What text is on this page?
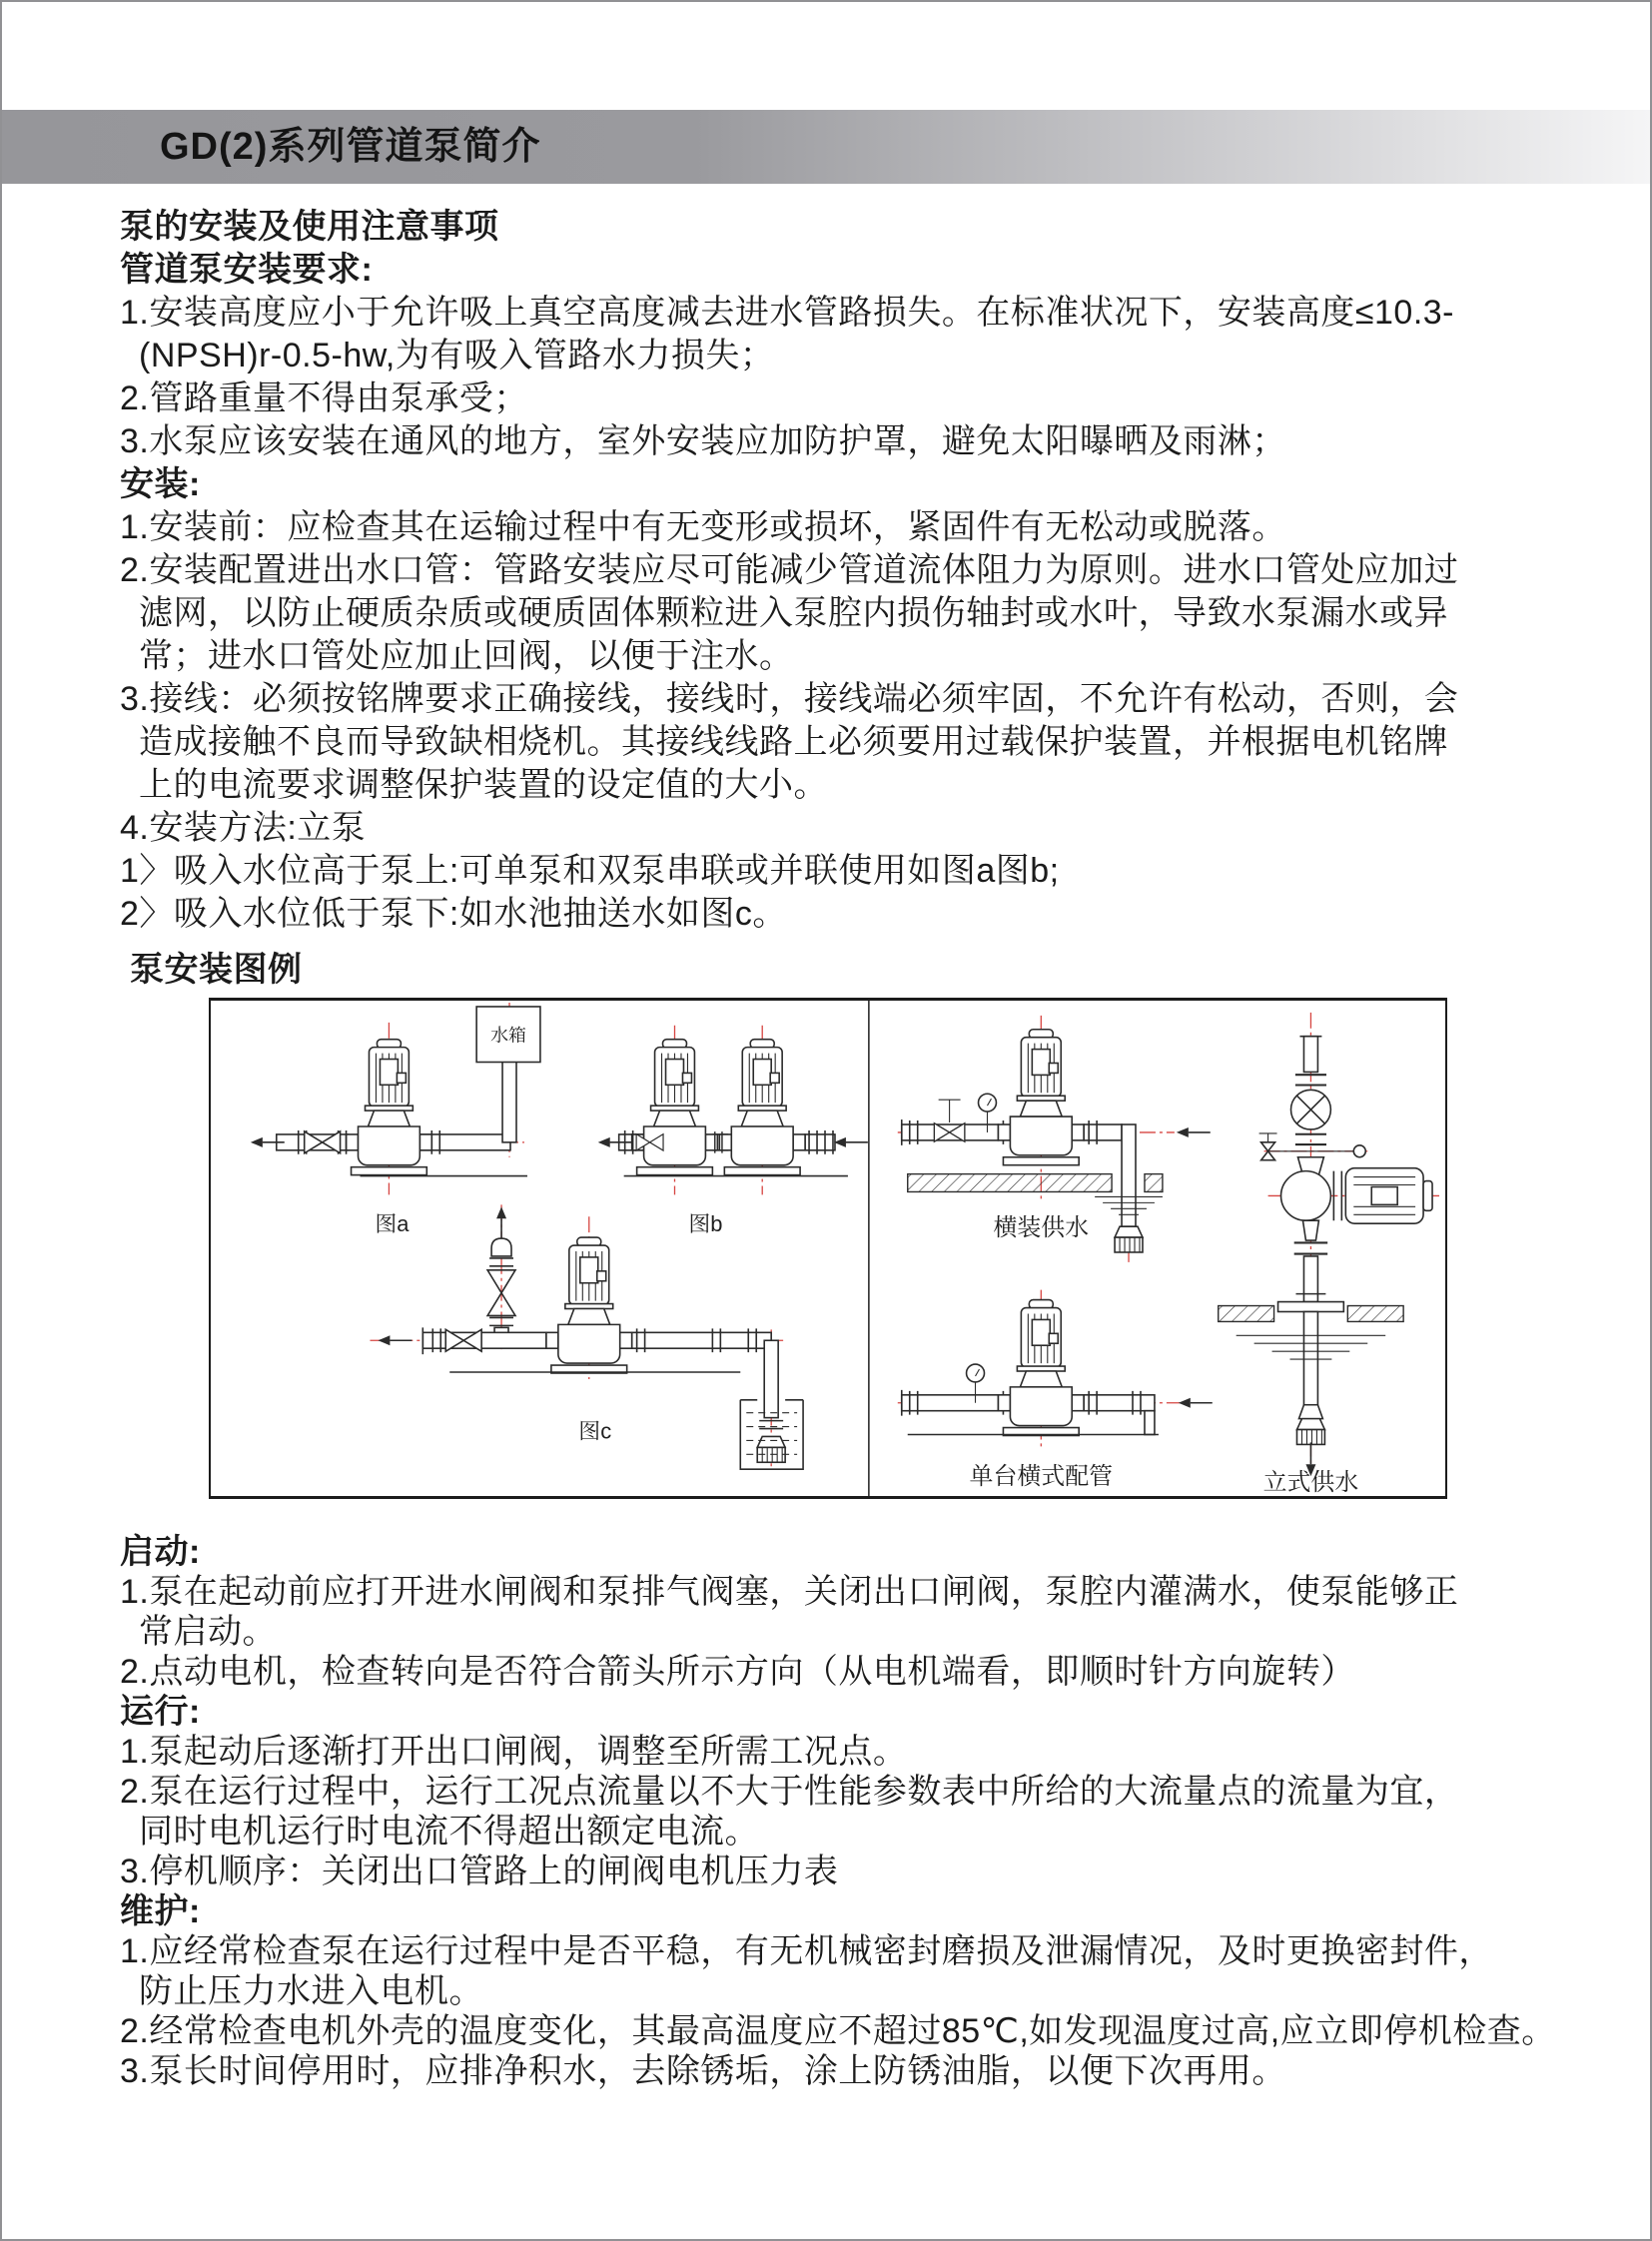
GD(2)系列管道泵简介
泵的安装及使用注意事项
管道泵安装要求:
1.安装高度应小于允许吸上真空高度减去进水管路损失。在标准状况下，安装高度≤10.3-
(NPSH)r-0.5-hw,为有吸入管路水力损失；
2.管路重量不得由泵承受；
3.水泵应该安装在通风的地方，室外安装应加防护罩，避免太阳曝晒及雨淋；
安装:
1.安装前：应检查其在运输过程中有无变形或损坏，紧固件有无松动或脱落。
2.安装配置进出水口管：管路安装应尽可能减少管道流体阻力为原则。进水口管处应加过
滤网，以防止硬质杂质或硬质固体颗粒进入泵腔内损伤轴封或水叶，导致水泵漏水或异
常；进水口管处应加止回阀，以便于注水。
3.接线：必须按铭牌要求正确接线，接线时，接线端必须牢固，不允许有松动，否则，会
造成接触不良而导致缺相烧机。其接线线路上必须要用过载保护装置，并根据电机铭牌
上的电流要求调整保护装置的设定值的大小。
4.安装方法:立泵
1〉吸入水位高于泵上:可单泵和双泵串联或并联使用如图a图b;
2〉吸入水位低于泵下:如水池抽送水如图c。
泵安装图例
水箱
图a	图b
图c
横装供水
单台横式配管	立式供水
启动:
1.泵在起动前应打开进水闸阀和泵排气阀塞，关闭出口闸阀，泵腔内灌满水，使泵能够正
常启动。
2.点动电机，检查转向是否符合箭头所示方向（从电机端看，即顺时针方向旋转）
运行:
1.泵起动后逐渐打开出口闸阀，调整至所需工况点。
2.泵在运行过程中，运行工况点流量以不大于性能参数表中所给的大流量点的流量为宜，
同时电机运行时电流不得超出额定电流。
3.停机顺序：关闭出口管路上的闸阀电机压力表
维护:
1.应经常检查泵在运行过程中是否平稳，有无机械密封磨损及泄漏情况，及时更换密封件，
防止压力水进入电机。
2.经常检查电机外壳的温度变化，其最高温度应不超过85℃,如发现温度过高,应立即停机检查。
3.泵长时间停用时，应排净积水，去除锈垢，涂上防锈油脂，以便下次再用。
